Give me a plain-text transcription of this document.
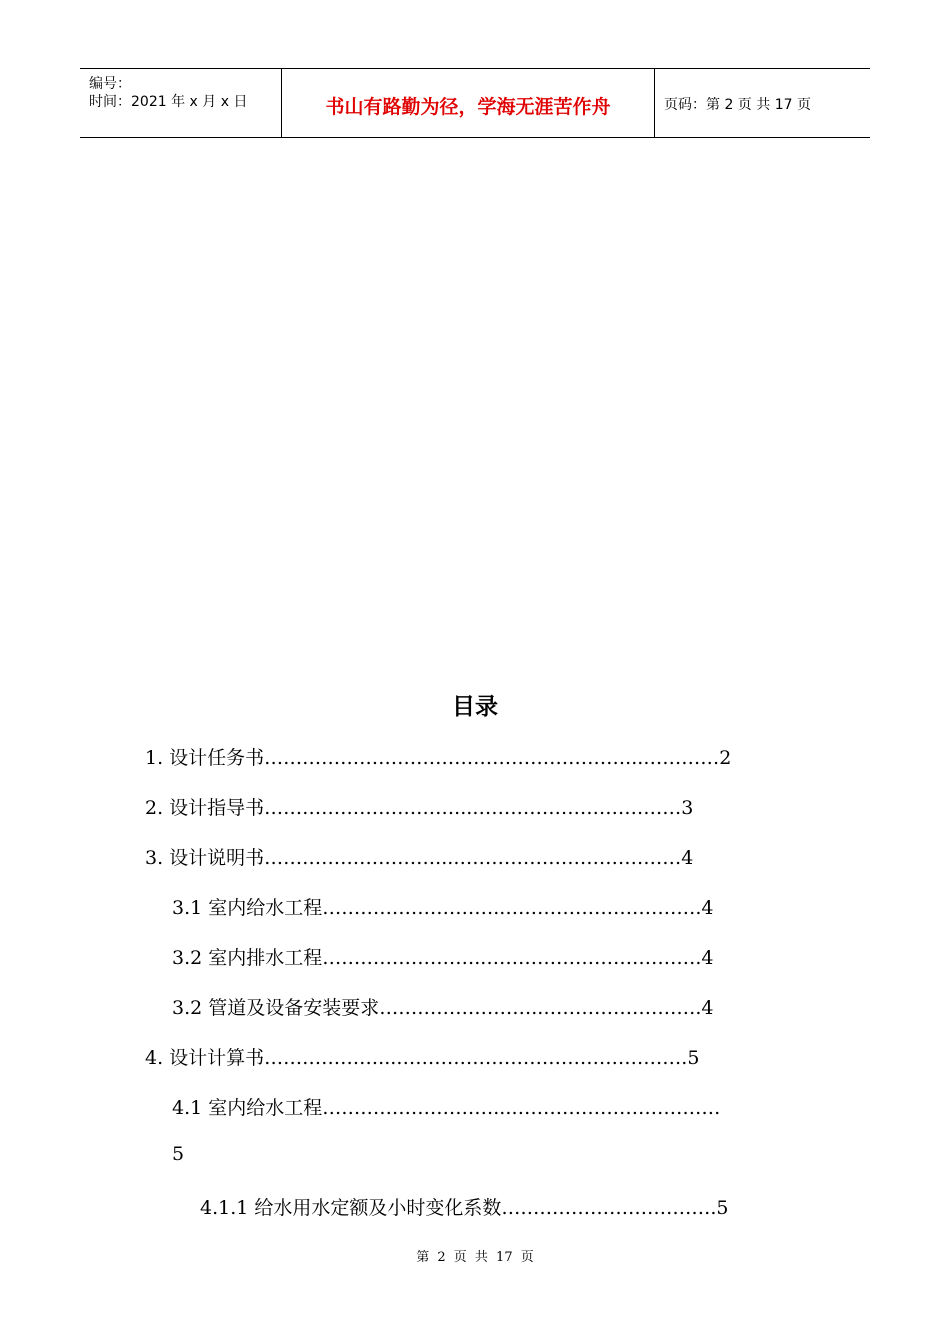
编号：
时间：2021 年 x 月 x 日	书山有路勤为径，学海无涯苦作舟	页码：第 2 页 共 17 页
目录
1. 设计任务书…………………………………………………...…………2
2. 设计指导书…………………………...……………………………3
3. 设计说明书………………………...………………………………4
3.1 室内给水工程………………………..………………………….4
3.2 室内排水工程……………………..…………………………….4
3.2 管道及设备安装要求……………………..…………………….4
4. 设计计算书………………...……………………………………….5
4.1 室内给水工程………………………...……………………………
5
4.1.1 给水用水定额及小时变化系数…………………………….5
第 2 页 共 17 页
